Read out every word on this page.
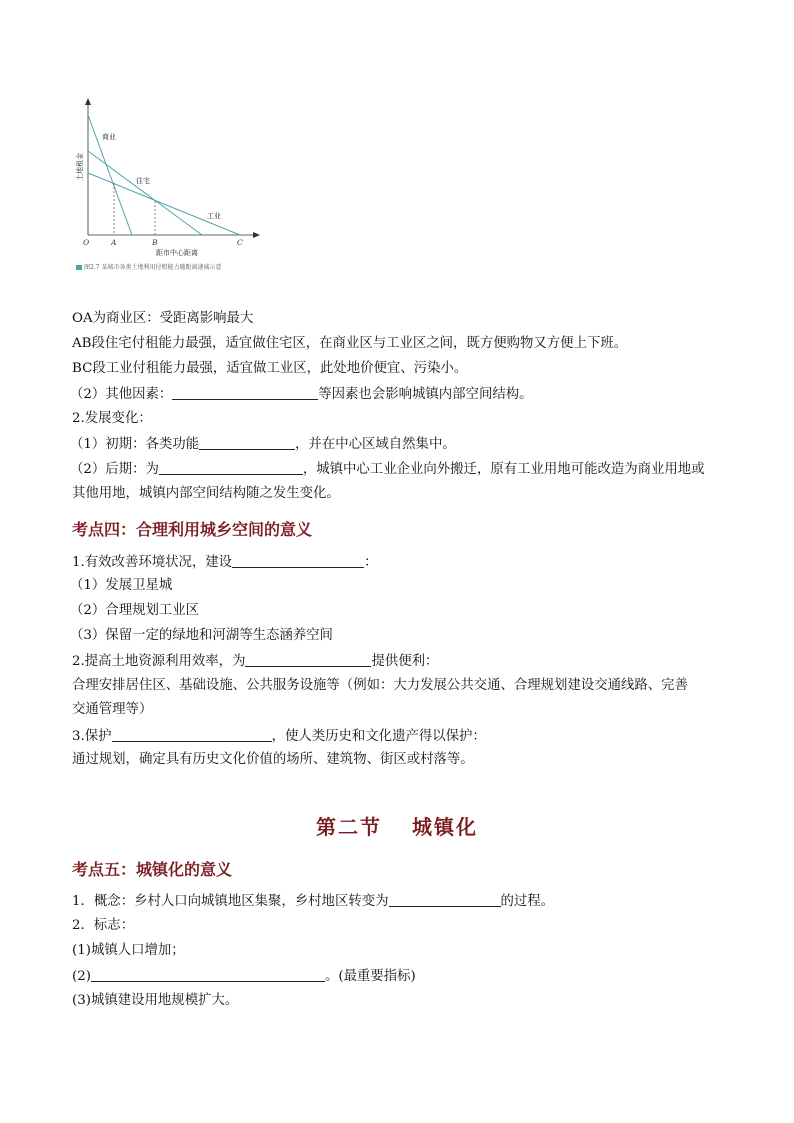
商业
住宅
工业
土地租金
距市中心距离
O	A	B	C
图2.7 某城市各类土地利用付租能力随距离递减示意
OA为商业区：受距离影响最大
AB段住宅付租能力最强，适宜做住宅区，在商业区与工业区之间，既方便购物又方便上下班。
BC段工业付租能力最强，适宜做工业区，此处地价便宜、污染小。
（2）其他因素：	等因素也会影响城镇内部空间结构。
2.发展变化：
（1）初期：各类功能	，并在中心区域自然集中。
（2）后期：为	，城镇中心工业企业向外搬迁，原有工业用地可能改造为商业用地或
其他用地，城镇内部空间结构随之发生变化。
考点四：合理利用城乡空间的意义
1.有效改善环境状况，建设	：
（1）发展卫星城
（2）合理规划工业区
（3）保留一定的绿地和河湖等生态涵养空间
2.提高土地资源利用效率，为	提供便利：
合理安排居住区、基础设施、公共服务设施等（例如：大力发展公共交通、合理规划建设交通线路、完善
交通管理等）
3.保护	，使人类历史和文化遗产得以保护：
通过规划，确定具有历史文化价值的场所、建筑物、街区或村落等。
第二节 城镇化
考点五：城镇化的意义
1．概念：乡村人口向城镇地区集聚，乡村地区转变为	的过程。
2．标志：
(1)城镇人口增加；
(2)	。(最重要指标)
(3)城镇建设用地规模扩大。
